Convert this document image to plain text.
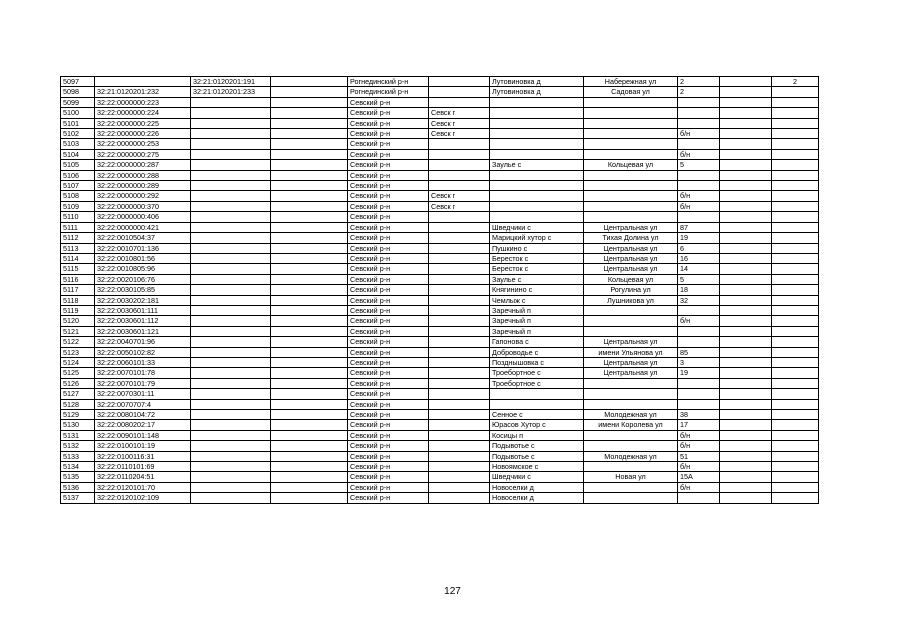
5097		32:21:0120201:191		Рогнединский р-н		Лутовиновка д	Набережная ул	2		2
5098	32:21:0120201:232	32:21:0120201:233		Рогнединский р-н		Лутовиновка д	Садовая ул	2		
5099	32:22:0000000:223			Севский р-н						
5100	32:22:0000000:224			Севский р-н	Севск г					
5101	32:22:0000000:225			Севский р-н	Севск г					
5102	32:22:0000000:226			Севский р-н	Севск г			б/н		
5103	32:22:0000000:253			Севский р-н						
5104	32:22:0000000:275			Севский р-н				б/н		
5105	32:22:0000000:287			Севский р-н		Заулье с	Кольцевая ул	5		
5106	32:22:0000000:288			Севский р-н						
5107	32:22:0000000:289			Севский р-н						
5108	32:22:0000000:292			Севский р-н	Севск г			б/н		
5109	32:22:0000000:370			Севский р-н	Севск г			б/н		
5110	32:22:0000000:406			Севский р-н						
5111	32:22:0000000:421			Севский р-н		Шведчики с	Центральная ул	87		
5112	32:22:0010504:37			Севский р-н		Марицкий хутор с	Тихая Долина ул	19		
5113	32:22:0010701:136			Севский р-н		Пушкино с	Центральная ул	6		
5114	32:22:0010801:56			Севский р-н		Бересток с	Центральная ул	16		
5115	32:22:0010805:96			Севский р-н		Бересток с	Центральная ул	14		
5116	32:22:0020106:76			Севский р-н		Заулье с	Кольцевая ул	5		
5117	32:22:0030105:85			Севский р-н		Княгинино с	Рогулина ул	18		
5118	32:22:0030202:181			Севский р-н		Чемлыж с	Лушникова ул	32		
5119	32:22:0030601:111			Севский р-н		Заречный п				
5120	32:22:0030601:112			Севский р-н		Заречный п		б/н		
5121	32:22:0030601:121			Севский р-н		Заречный п				
5122	32:22:0040701:96			Севский р-н		Гапонова с	Центральная ул			
5123	32:22:0050102:82			Севский р-н		Доброводье с	имени Ульянова ул	85		
5124	32:22:0060101:33			Севский р-н		Позднышовка с	Центральная ул	3		
5125	32:22:0070101:78			Севский р-н		Троебортное с	Центральная ул	19		
5126	32:22:0070101:79			Севский р-н		Троебортное с				
5127	32:22:0070301:11			Севский р-н						
5128	32:22:0070707:4			Севский р-н						
5129	32:22:0080104:72			Севский р-н		Сенное с	Молодежная ул	38		
5130	32:22:0080202:17			Севский р-н		Юрасов Хутор с	имени Королева ул	17		
5131	32:22:0090101:148			Севский р-н		Косицы п		б/н		
5132	32:22:0100101:19			Севский р-н		Подывотье с		б/н		
5133	32:22:0100116:31			Севский р-н		Подывотье с	Молодежная ул	51		
5134	32:22:0110101:69			Севский р-н		Новоямское с		б/н		
5135	32:22:0110204:51			Севский р-н		Шведчики с	Новая ул	15А		
5136	32:22:0120101:70			Севский р-н		Новоселки д		б/н		
5137	32:22:0120102:109			Севский р-н		Новоселки д				
127
